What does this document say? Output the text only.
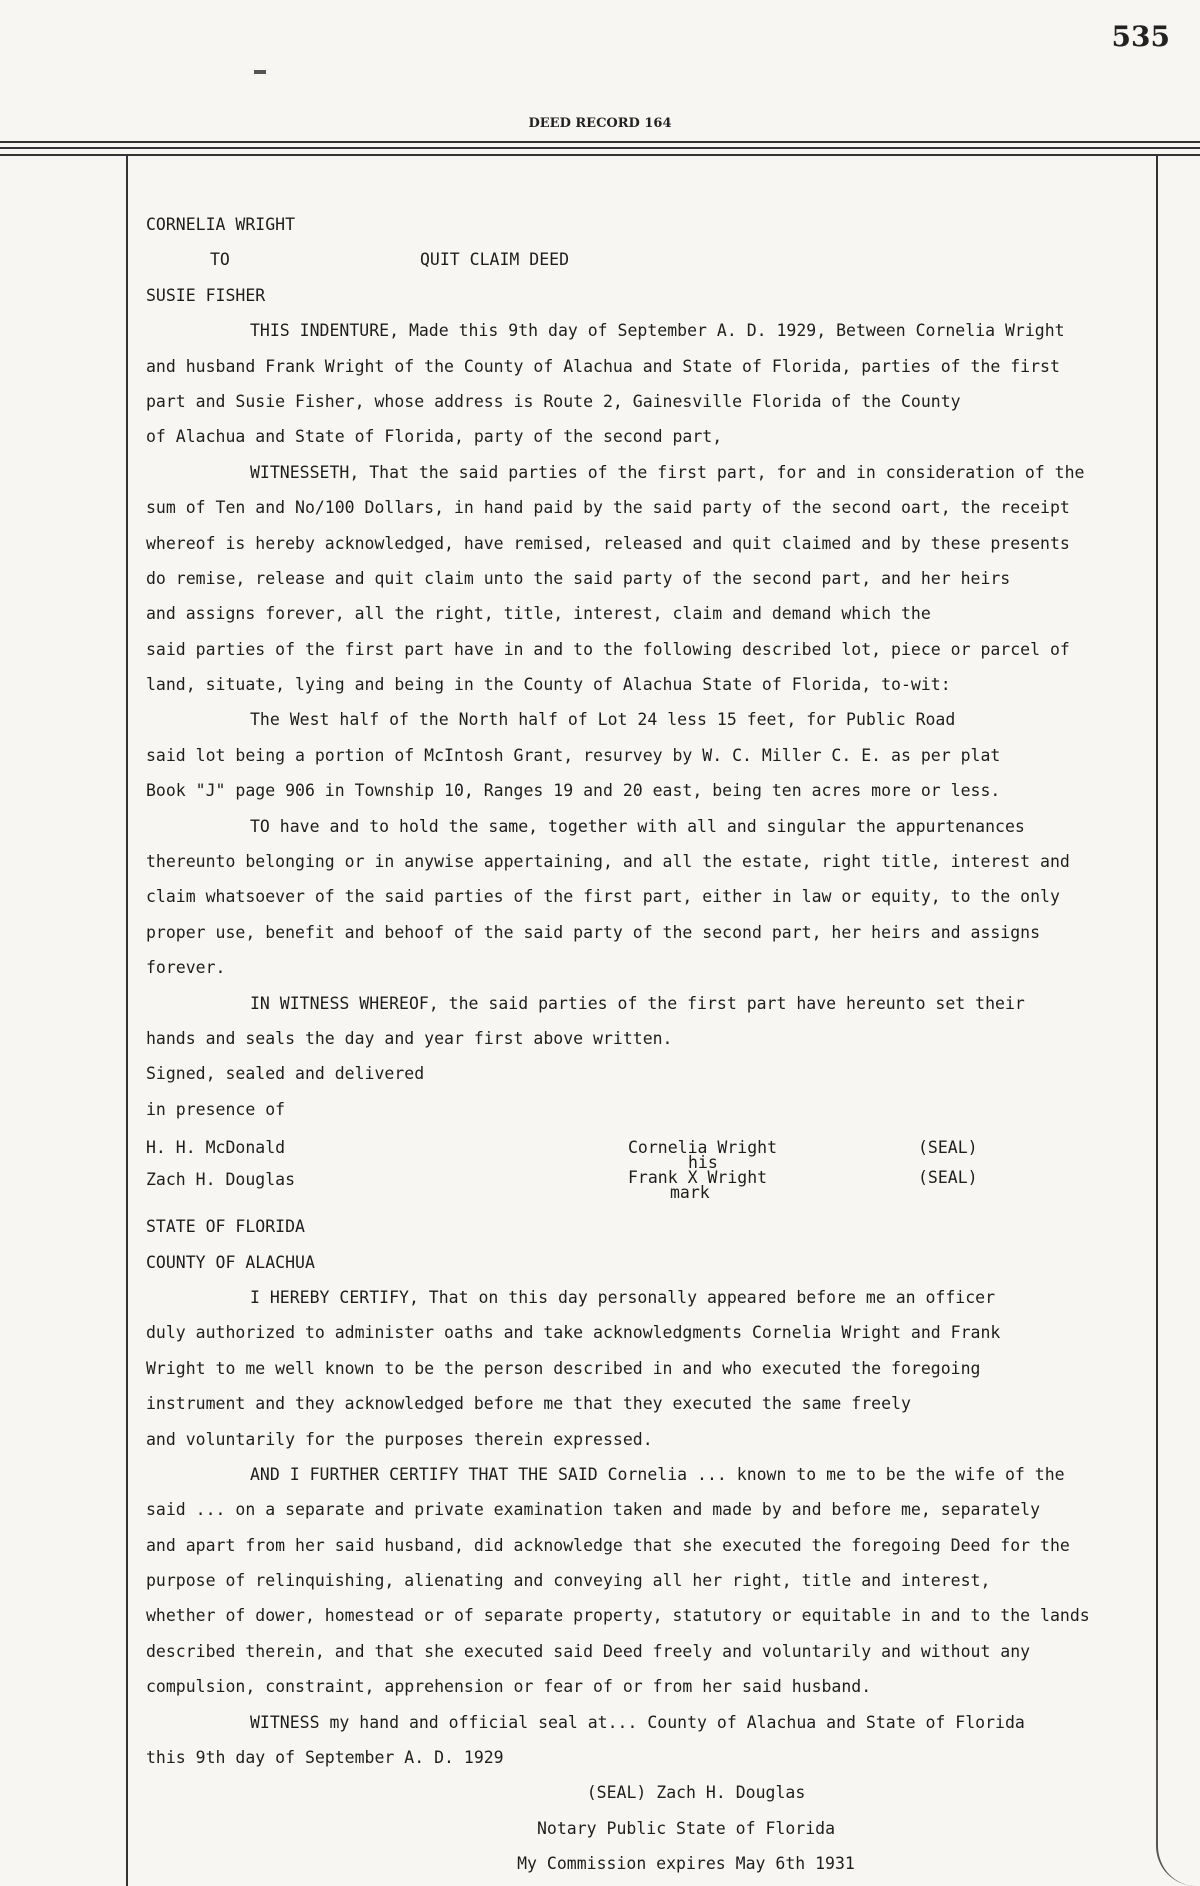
535
DEED RECORD 164
CORNELIA WRIGHT
TO	QUIT CLAIM DEED
SUSIE FISHER
THIS INDENTURE, Made this 9th day of September A. D. 1929, Between Cornelia Wright
and husband Frank Wright of the County of Alachua and State of Florida, parties of the first
part and Susie Fisher, whose address is Route 2, Gainesville Florida of the County
of Alachua and State of Florida, party of the second part,
WITNESSETH, That the said parties of the first part, for and in consideration of the
sum of Ten and No/100 Dollars, in hand paid by the said party of the second oart, the receipt
whereof is hereby acknowledged, have remised, released and quit claimed and by these presents
do remise, release and quit claim unto the said party of the second part, and her heirs
and assigns forever, all the right, title, interest, claim and demand which the
said parties of the first part have in and to the following described lot, piece or parcel of
land, situate, lying and being in the County of Alachua State of Florida, to-wit:
The West half of the North half of Lot 24 less 15 feet, for Public Road
said lot being a portion of McIntosh Grant, resurvey by W. C. Miller C. E. as per plat
Book "J" page 906 in Township 10, Ranges 19 and 20 east, being ten acres more or less.
TO have and to hold the same, together with all and singular the appurtenances
thereunto belonging or in anywise appertaining, and all the estate, right title, interest and
claim whatsoever of the said parties of the first part, either in law or equity, to the only
proper use, benefit and behoof of the said party of the second part, her heirs and assigns
forever.
IN WITNESS WHEREOF, the said parties of the first part have hereunto set their
hands and seals the day and year first above written.
Signed, sealed and delivered
in presence of
H. H. McDonald
Zach H. Douglas
Cornelia Wright
his
Frank X Wright
mark
(SEAL)
(SEAL)
STATE OF FLORIDA
COUNTY OF ALACHUA
I HEREBY CERTIFY, That on this day personally appeared before me an officer
duly authorized to administer oaths and take acknowledgments Cornelia Wright and Frank
Wright to me well known to be the person described in and who executed the foregoing
instrument and they acknowledged before me that they executed the same freely
and voluntarily for the purposes therein expressed.
AND I FURTHER CERTIFY THAT THE SAID Cornelia ... known to me to be the wife of the
said ... on a separate and private examination taken and made by and before me, separately
and apart from her said husband, did acknowledge that she executed the foregoing Deed for the
purpose of relinquishing, alienating and conveying all her right, title and interest,
whether of dower, homestead or of separate property, statutory or equitable in and to the lands
described therein, and that she executed said Deed freely and voluntarily and without any
compulsion, constraint, apprehension or fear of or from her said husband.
WITNESS my hand and official seal at... County of Alachua and State of Florida
this 9th day of September A. D. 1929
(SEAL) Zach H. Douglas
Notary Public State of Florida
My Commission expires May 6th 1931
